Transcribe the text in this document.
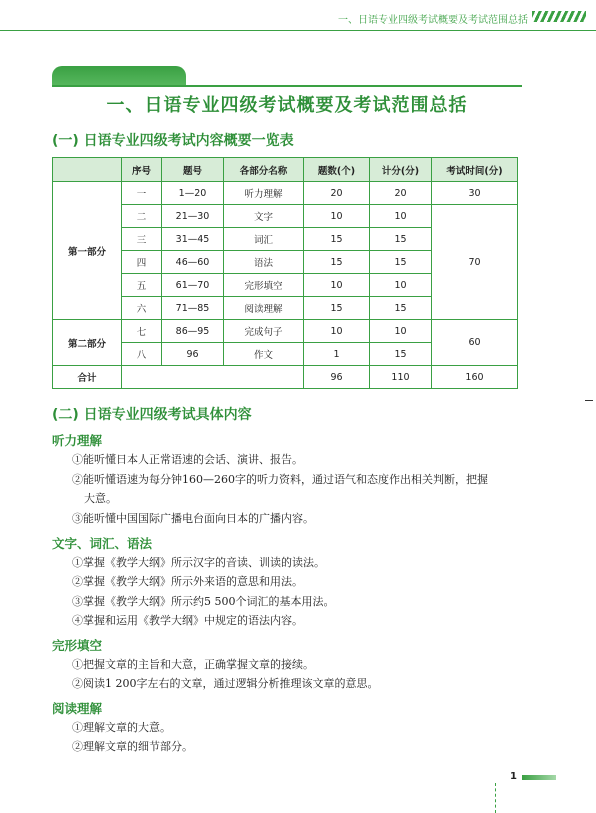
一、日语专业四级考试概要及考试范围总括
一、日语专业四级考试概要及考试范围总括
(一) 日语专业四级考试内容概要一览表
	序号	题号	各部分名称	题数(个)	计分(分)	考试时间(分)
第一部分	一	1—20	听力理解	20	20	30
	二	21—30	文字	10	10	70
	三	31—45	词汇	15	15	
	四	46—60	语法	15	15	
	五	61—70	完形填空	10	10	
	六	71—85	阅读理解	15	15	
第二部分	七	86—95	完成句子	10	10	60
	八	96	作文	1	15	
合计				96	110	160
(二) 日语专业四级考试具体内容
听力理解
①能听懂日本人正常语速的会话、演讲、报告。
②能听懂语速为每分钟160—260字的听力资料，通过语气和态度作出相关判断，把握
大意。
③能听懂中国国际广播电台面向日本的广播内容。
文字、词汇、语法
①掌握《教学大纲》所示汉字的音读、训读的读法。
②掌握《教学大纲》所示外来语的意思和用法。
③掌握《教学大纲》所示约5 500个词汇的基本用法。
④掌握和运用《教学大纲》中规定的语法内容。
完形填空
①把握文章的主旨和大意，正确掌握文章的接续。
②阅读1 200字左右的文章，通过逻辑分析推理该文章的意思。
阅读理解
①理解文章的大意。
②理解文章的细节部分。
1
